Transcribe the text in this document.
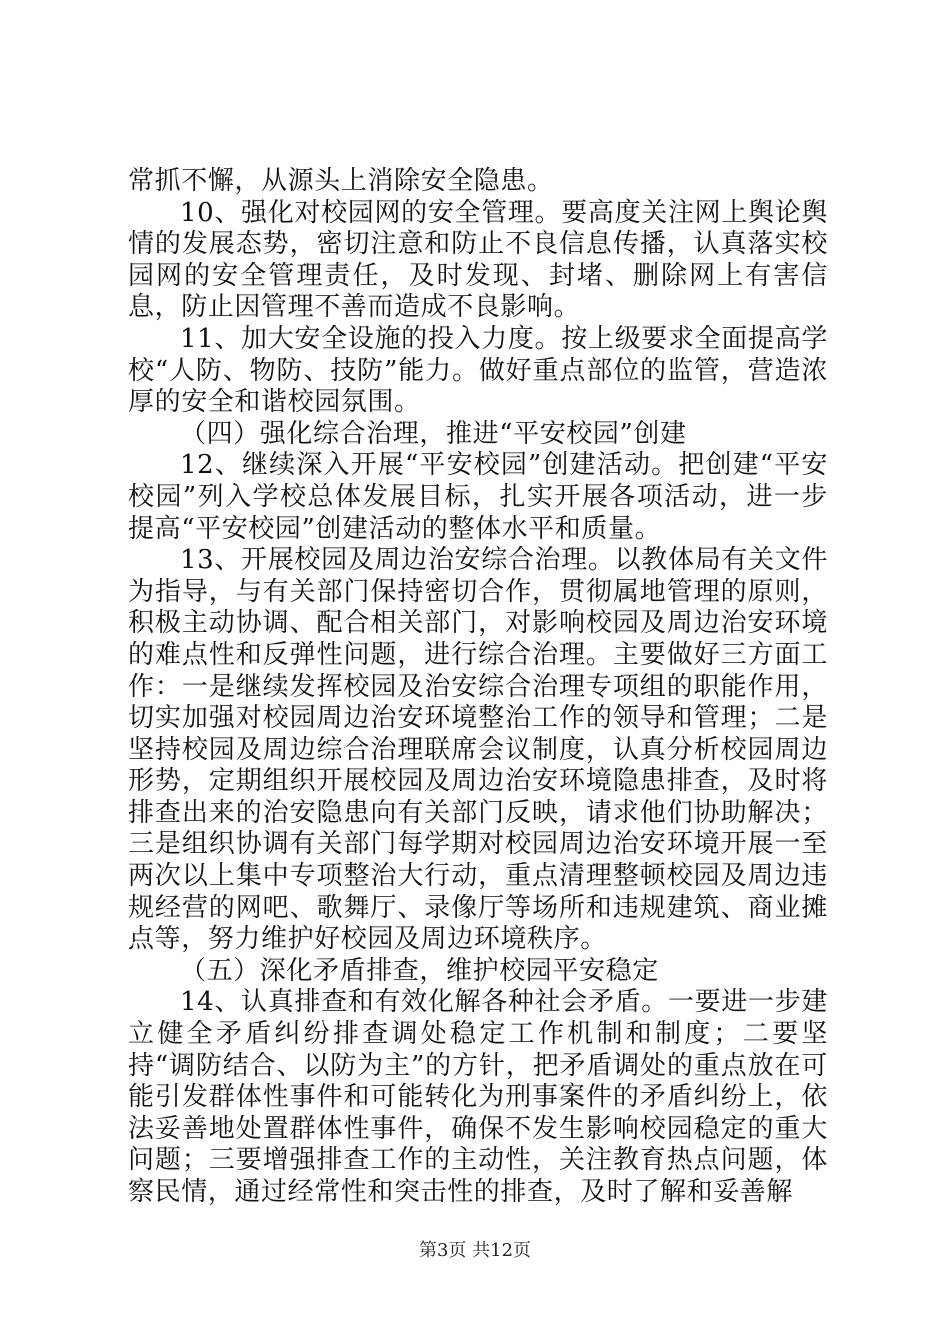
常抓不懈，从源头上消除安全隐患。

10、强化对校园网的安全管理。要高度关注网上舆论舆情的发展态势，密切注意和防止不良信息传播，认真落实校园网的安全管理责任，及时发现、封堵、删除网上有害信息，防止因管理不善而造成不良影响。

11、加大安全设施的投入力度。按上级要求全面提高学校“人防、物防、技防”能力。做好重点部位的监管，营造浓厚的安全和谐校园氛围。

（四）强化综合治理，推进“平安校园”创建

12、继续深入开展“平安校园”创建活动。把创建“平安校园”列入学校总体发展目标，扎实开展各项活动，进一步提高“平安校园”创建活动的整体水平和质量。

13、开展校园及周边治安综合治理。以教体局有关文件为指导，与有关部门保持密切合作，贯彻属地管理的原则，积极主动协调、配合相关部门，对影响校园及周边治安环境的难点性和反弹性问题，进行综合治理。主要做好三方面工作：一是继续发挥校园及治安综合治理专项组的职能作用，切实加强对校园周边治安环境整治工作的领导和管理；二是坚持校园及周边综合治理联席会议制度，认真分析校园周边形势，定期组织开展校园及周边治安环境隐患排查，及时将排查出来的治安隐患向有关部门反映，请求他们协助解决；三是组织协调有关部门每学期对校园周边治安环境开展一至两次以上集中专项整治大行动，重点清理整顿校园及周边违规经营的网吧、歌舞厅、录像厅等场所和违规建筑、商业摊点等，努力维护好校园及周边环境秩序。

（五）深化矛盾排查，维护校园平安稳定

14、认真排查和有效化解各种社会矛盾。一要进一步建立健全矛盾纠纷排查调处稳定工作机制和制度；二要坚持“调防结合、以防为主”的方针，把矛盾调处的重点放在可能引发群体性事件和可能转化为刑事案件的矛盾纠纷上，依法妥善地处置群体性事件，确保不发生影响校园稳定的重大问题；三要增强排查工作的主动性，关注教育热点问题，体察民情，通过经常性和突击性的排查，及时了解和妥善解

第3页 共12页
